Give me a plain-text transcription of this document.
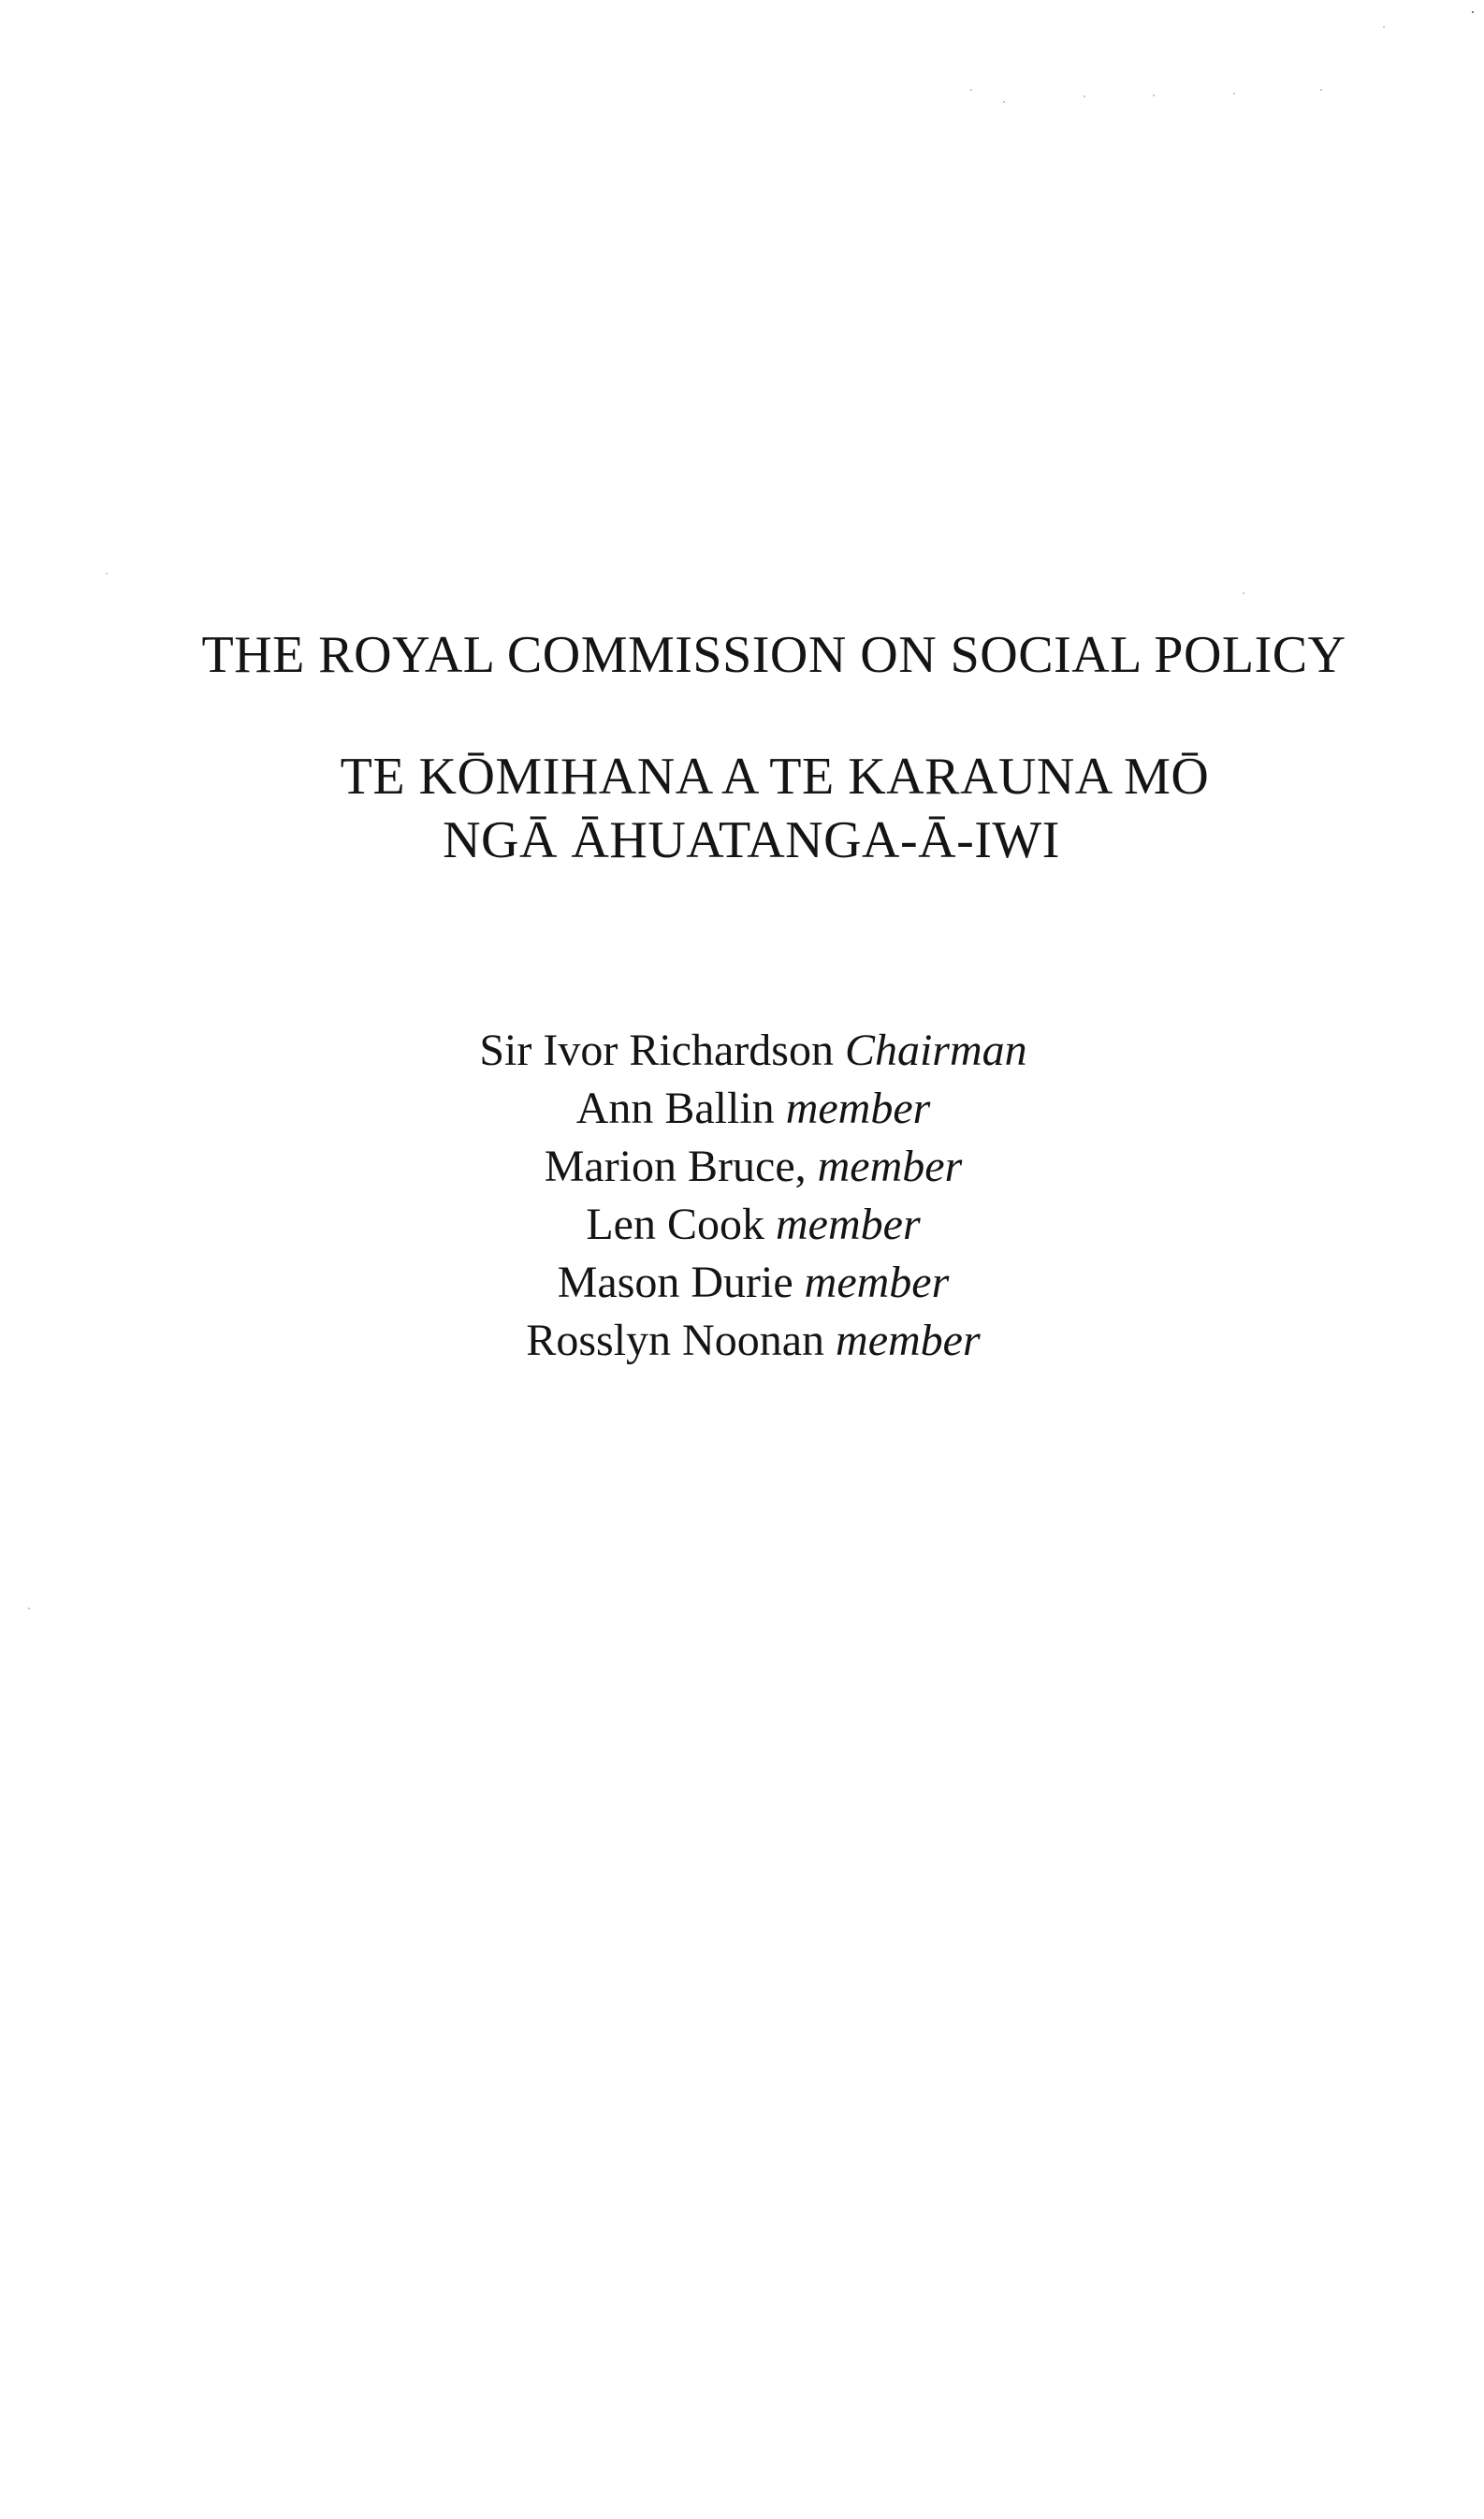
THE ROYAL COMMISSION ON SOCIAL POLICY
TE KŌMIHANA A TE KARAUNA MŌ
NGĀ ĀHUATANGA-Ā-IWI
Sir Ivor Richardson Chairman
Ann Ballin member
Marion Bruce, member
Len Cook member
Mason Durie member
Rosslyn Noonan member
